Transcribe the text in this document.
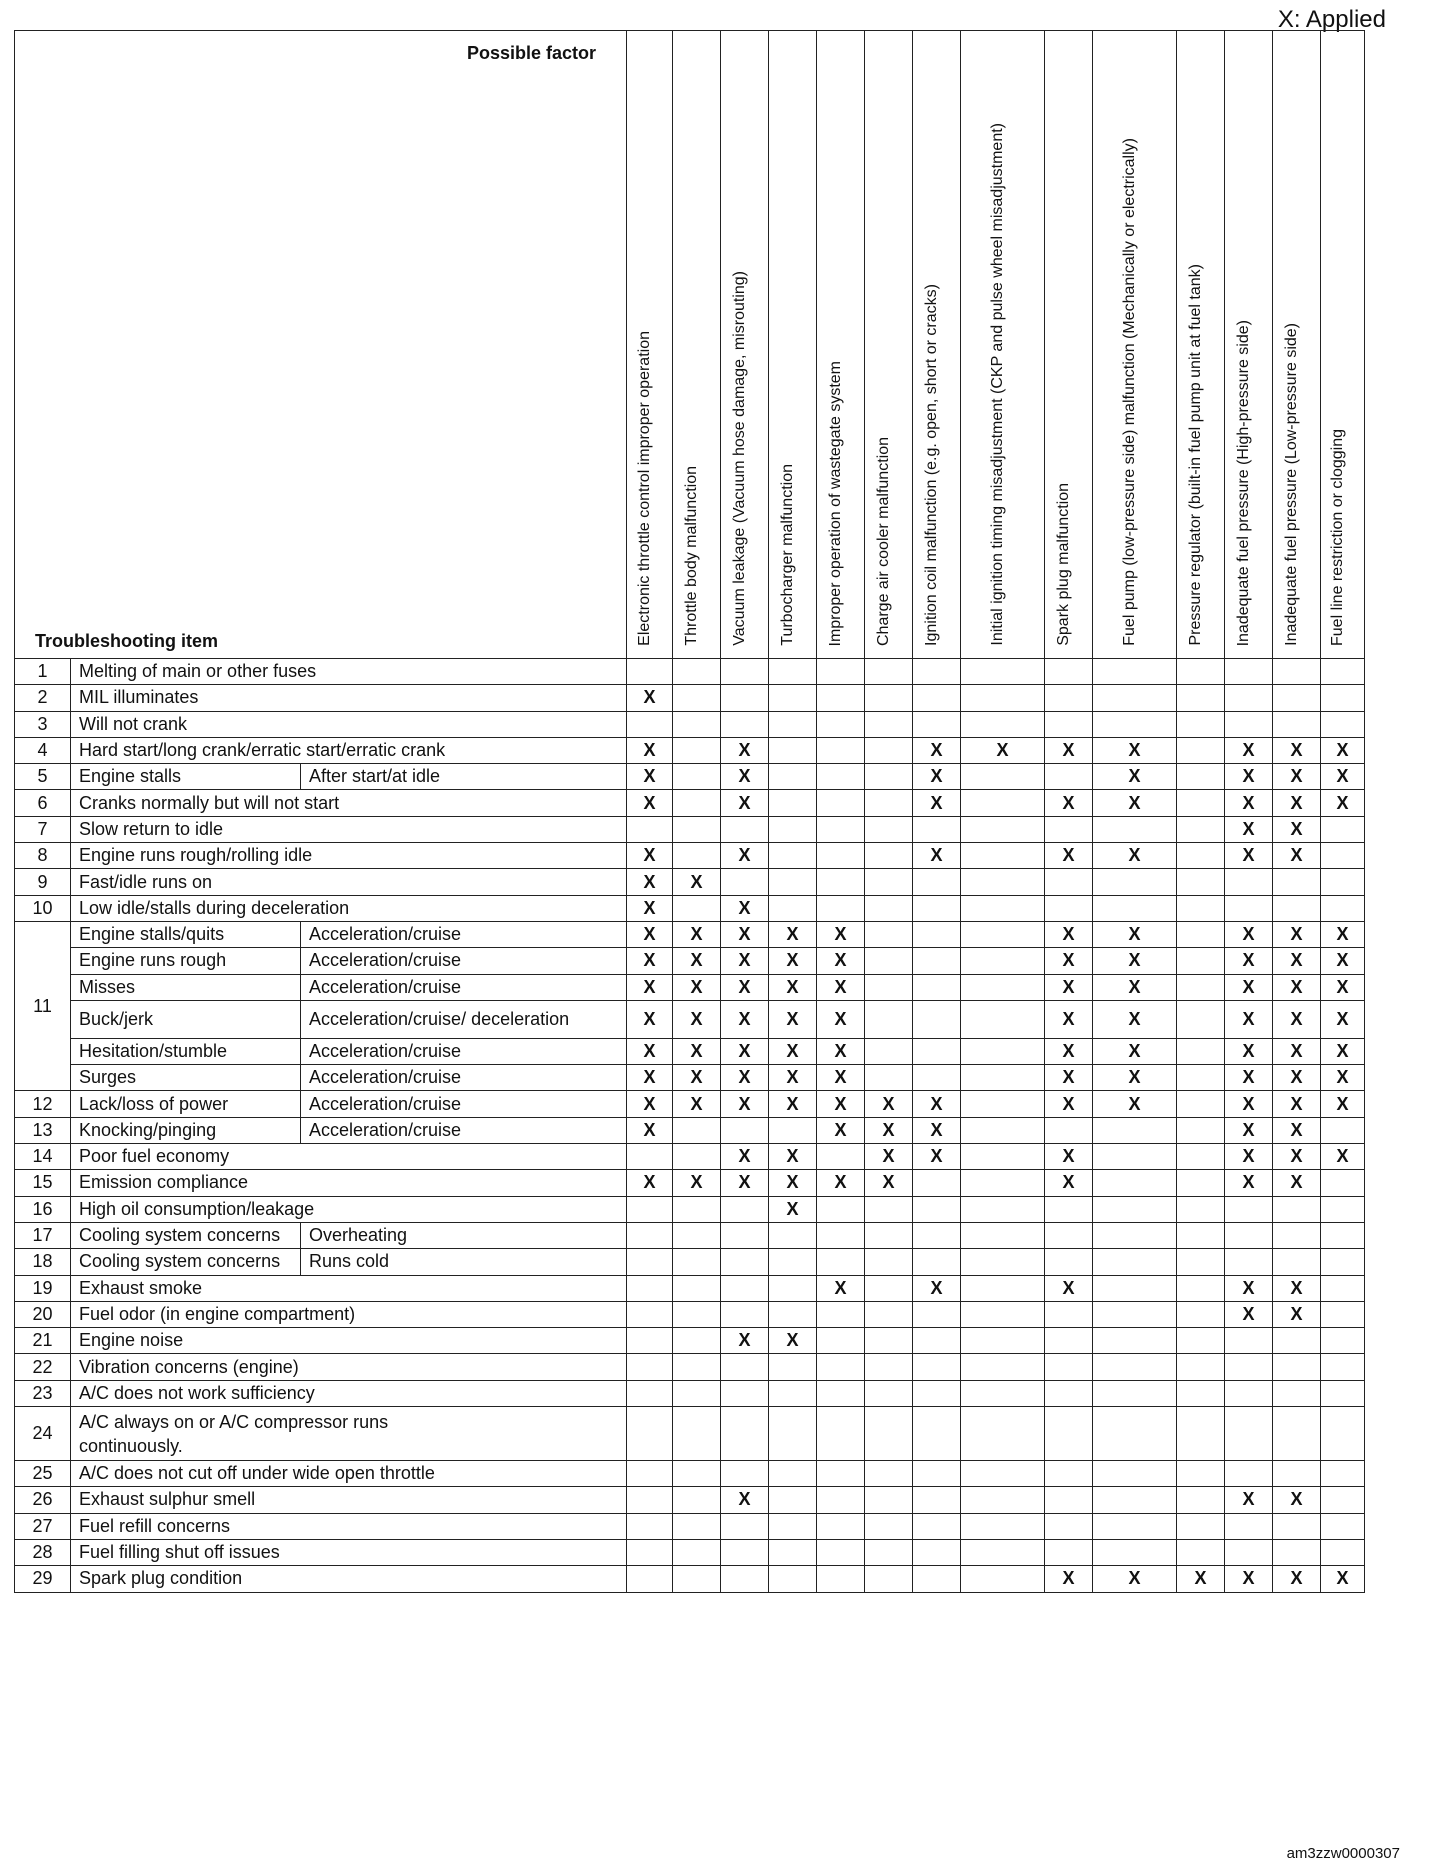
X: Applied
Possible factor
Troubleshooting item			Electronic throttle control improper operation	Throttle body malfunction	Vacuum leakage (Vacuum hose damage, misrouting)	Turbocharger malfunction	Improper operation of wastegate system	Charge air cooler malfunction	Ignition coil malfunction (e.g. open, short or cracks)	Initial ignition timing misadjustment (CKP and pulse wheel misadjustment)	Spark plug malfunction	Fuel pump (low-pressure side) malfunction (Mechanically or electrically)	Pressure regulator (built-in fuel pump unit at fuel tank)	Inadequate fuel pressure (High-pressure side)	Inadequate fuel pressure (Low-pressure side)	Fuel line restriction or clogging

1	Melting of main or other fuses															
2	MIL illuminates		X													
3	Will not crank															
4	Hard start/long crank/erratic start/erratic crank		X		X				X	X	X	X		X	X	X
5	Engine stalls	After start/at idle	X		X				X			X		X	X	X
6	Cranks normally but will not start		X		X				X		X	X		X	X	X
7	Slow return to idle													X	X	
8	Engine runs rough/rolling idle		X		X				X		X	X		X	X	
9	Fast/idle runs on		X	X												
10	Low idle/stalls during deceleration		X		X											
11	Engine stalls/quits	Acceleration/cruise	X	X	X	X	X				X	X		X	X	X
	Engine runs rough	Acceleration/cruise	X	X	X	X	X				X	X		X	X	X
	Misses	Acceleration/cruise	X	X	X	X	X				X	X		X	X	X
	Buck/jerk	Acceleration/cruise/ deceleration	X	X	X	X	X				X	X		X	X	X
	Hesitation/stumble	Acceleration/cruise	X	X	X	X	X				X	X		X	X	X
	Surges	Acceleration/cruise	X	X	X	X	X				X	X		X	X	X
12	Lack/loss of power	Acceleration/cruise	X	X	X	X	X	X	X		X	X		X	X	X
13	Knocking/pinging	Acceleration/cruise	X				X	X	X					X	X	
14	Poor fuel economy				X	X		X	X		X			X	X	X
15	Emission compliance		X	X	X	X	X	X			X			X	X	
16	High oil consumption/leakage					X										
17	Cooling system concerns	Overheating														
18	Cooling system concerns	Runs cold														
19	Exhaust smoke						X		X		X			X	X	
20	Fuel odor (in engine compartment)													X	X	
21	Engine noise				X	X										
22	Vibration concerns (engine)															
23	A/C does not work sufficiency															
24	A/C always on or A/C compressor runs continuously.															
25	A/C does not cut off under wide open throttle															
26	Exhaust sulphur smell				X									X	X	
27	Fuel refill concerns															
28	Fuel filling shut off issues															
29	Spark plug condition										X	X	X	X	X	X
am3zzw0000307
